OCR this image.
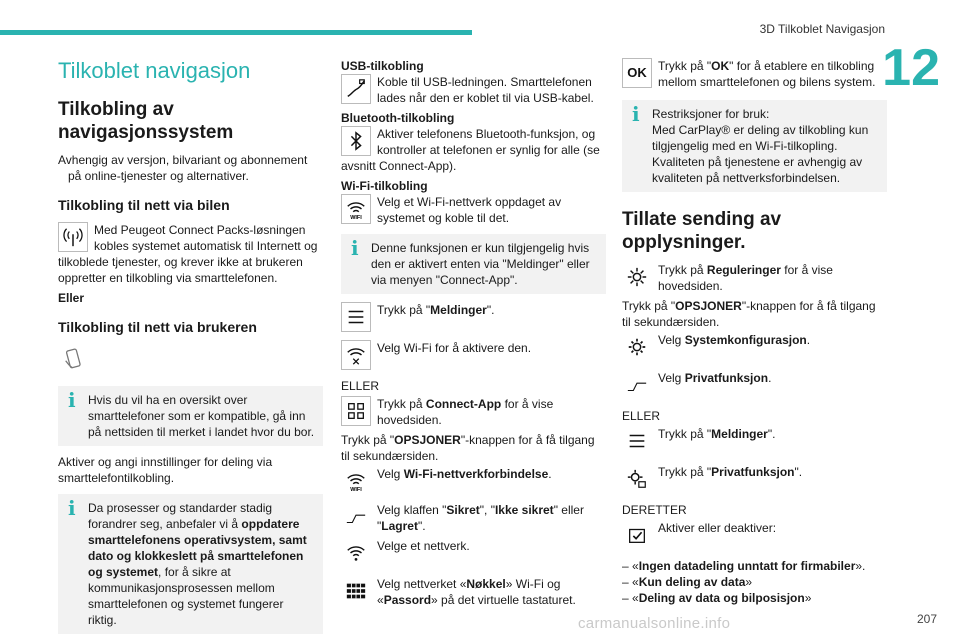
3D Tilkoblet Navigasjon
12
Tilkoblet navigasjon
Tilkobling av navigasjonssystem
Avhengig av versjon, bilvariant og abonnement på online-tjenester og alternativer.
Tilkobling til nett via bilen
Med Peugeot Connect Packs-løsningen kobles systemet automatisk til Internett og tilkoblede tjenester, og krever ikke at brukeren oppretter en tilkobling via smarttelefonen.
Eller
Tilkobling til nett via brukeren
i	Hvis du vil ha en oversikt over smarttelefoner som er kompatible, gå inn på nettsiden til merket i landet hvor du bor.
Aktiver og angi innstillinger for deling via smarttelefontilkobling.
i	Da prosesser og standarder stadig forandrer seg, anbefaler vi å oppdatere smarttelefonens operativsystem, samt dato og klokkeslett på smarttelefonen og systemet, for å sikre at kommunikasjonsprosessen mellom smarttelefonen og systemet fungerer riktig.
USB-tilkobling
Koble til USB-ledningen. Smarttelefonen lades når den er koblet til via USB-kabel.
Bluetooth-tilkobling
Aktiver telefonens Bluetooth-funksjon, og kontroller at telefonen er synlig for alle (se avsnitt Connect-App).
Wi-Fi-tilkobling
WIFI
Velg et Wi-Fi-nettverk oppdaget av systemet og koble til det.
i	Denne funksjonen er kun tilgjengelig hvis den er aktivert enten via "Meldinger" eller via menyen "Connect-App".
Trykk på "Meldinger".
Velg Wi-Fi for å aktivere den.
ELLER
Trykk på Connect-App for å vise hovedsiden.
Trykk på "OPSJONER"-knappen for å få tilgang til sekundærsiden.
WIFI
Velg Wi-Fi-nettverkforbindelse.
Velg klaffen "Sikret", "Ikke sikret" eller "Lagret".
Velge et nettverk.
Velg nettverket «Nøkkel» Wi-Fi og «Passord» på det virtuelle tastaturet.
OK Trykk på "OK" for å etablere en tilkobling mellom smarttelefonen og bilens system.
i Restriksjoner for bruk:
Med CarPlay® er deling av tilkobling kun tilgjengelig med en Wi-Fi-tilkopling.
Kvaliteten på tjenestene er avhengig av kvaliteten på nettverksforbindelsen.
Tillate sending av opplysninger.
Trykk på Reguleringer for å vise hovedsiden.
Trykk på "OPSJONER"-knappen for å få tilgang til sekundærsiden.
Velg Systemkonfigurasjon.
Velg Privatfunksjon.
ELLER
Trykk på "Meldinger".
Trykk på "Privatfunksjon".
DERETTER
Aktiver eller deaktiver:
– «Ingen datadeling unntatt for firmabiler».
– «Kun deling av data»
– «Deling av data og bilposisjon»
carmanualsonline.info	207
